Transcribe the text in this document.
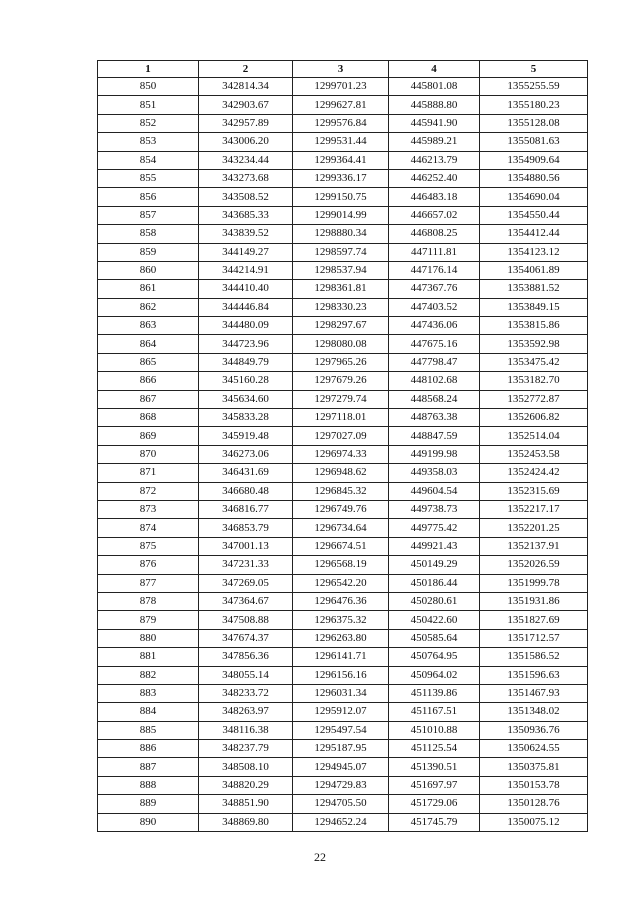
1	2	3	4	5
850	342814.34	1299701.23	445801.08	1355255.59
851	342903.67	1299627.81	445888.80	1355180.23
852	342957.89	1299576.84	445941.90	1355128.08
853	343006.20	1299531.44	445989.21	1355081.63
854	343234.44	1299364.41	446213.79	1354909.64
855	343273.68	1299336.17	446252.40	1354880.56
856	343508.52	1299150.75	446483.18	1354690.04
857	343685.33	1299014.99	446657.02	1354550.44
858	343839.52	1298880.34	446808.25	1354412.44
859	344149.27	1298597.74	447111.81	1354123.12
860	344214.91	1298537.94	447176.14	1354061.89
861	344410.40	1298361.81	447367.76	1353881.52
862	344446.84	1298330.23	447403.52	1353849.15
863	344480.09	1298297.67	447436.06	1353815.86
864	344723.96	1298080.08	447675.16	1353592.98
865	344849.79	1297965.26	447798.47	1353475.42
866	345160.28	1297679.26	448102.68	1353182.70
867	345634.60	1297279.74	448568.24	1352772.87
868	345833.28	1297118.01	448763.38	1352606.82
869	345919.48	1297027.09	448847.59	1352514.04
870	346273.06	1296974.33	449199.98	1352453.58
871	346431.69	1296948.62	449358.03	1352424.42
872	346680.48	1296845.32	449604.54	1352315.69
873	346816.77	1296749.76	449738.73	1352217.17
874	346853.79	1296734.64	449775.42	1352201.25
875	347001.13	1296674.51	449921.43	1352137.91
876	347231.33	1296568.19	450149.29	1352026.59
877	347269.05	1296542.20	450186.44	1351999.78
878	347364.67	1296476.36	450280.61	1351931.86
879	347508.88	1296375.32	450422.60	1351827.69
880	347674.37	1296263.80	450585.64	1351712.57
881	347856.36	1296141.71	450764.95	1351586.52
882	348055.14	1296156.16	450964.02	1351596.63
883	348233.72	1296031.34	451139.86	1351467.93
884	348263.97	1295912.07	451167.51	1351348.02
885	348116.38	1295497.54	451010.88	1350936.76
886	348237.79	1295187.95	451125.54	1350624.55
887	348508.10	1294945.07	451390.51	1350375.81
888	348820.29	1294729.83	451697.97	1350153.78
889	348851.90	1294705.50	451729.06	1350128.76
890	348869.80	1294652.24	451745.79	1350075.12
22
